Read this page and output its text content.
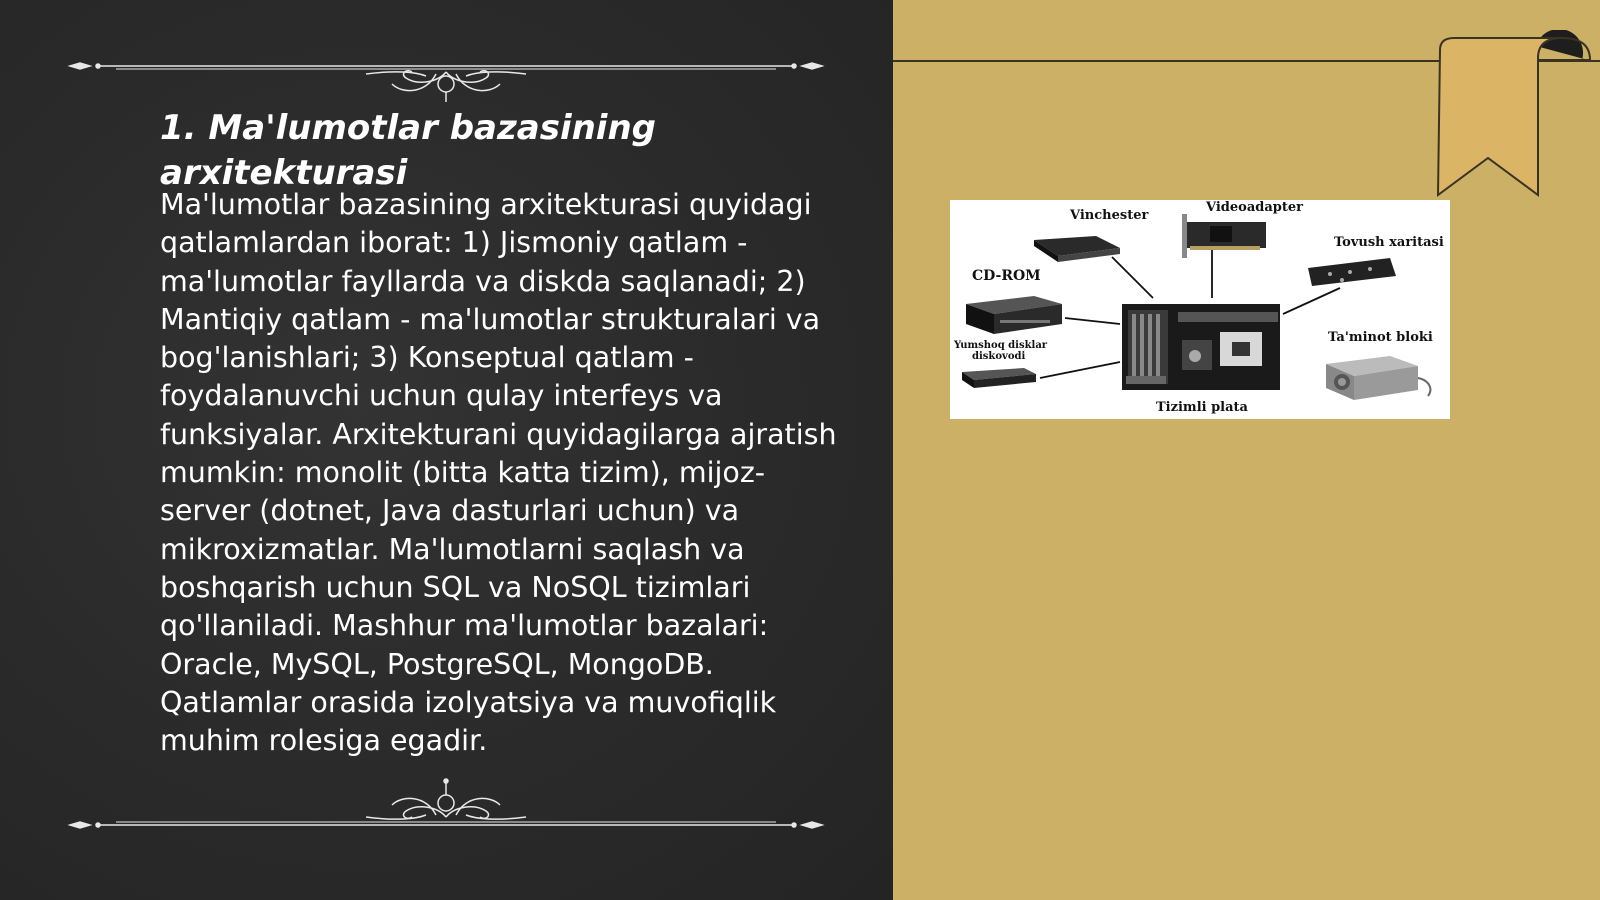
1. Ma'lumotlar bazasining arxitekturasi

Ma'lumotlar bazasining arxitekturasi quyidagi qatlamlardan iborat: 1) Jismoniy qatlam - ma'lumotlar fayllarda va diskda saqlanadi; 2) Mantiqiy qatlam - ma'lumotlar strukturalari va bog'lanishlari; 3) Konseptual qatlam - foydalanuvchi uchun qulay interfeys va funksiyalar. Arxitekturani quyidagilarga ajratish mumkin: monolit (bitta katta tizim), mijoz-server (dotnet, Java dasturlari uchun) va mikroxizmatlar. Ma'lumotlarni saqlash va boshqarish uchun SQL va NoSQL tizimlari qo'llaniladi. Mashhur ma'lumotlar bazalari: Oracle, MySQL, PostgreSQL, MongoDB. Qatlamlar orasida izolyatsiya va muvofiqlik muhim rolesiga egadir.

Vinchester
Videoadapter
Tovush xaritasi
CD-ROM
Yumshoq disklar
diskovodi
Ta'minot bloki
Tizimli plata
